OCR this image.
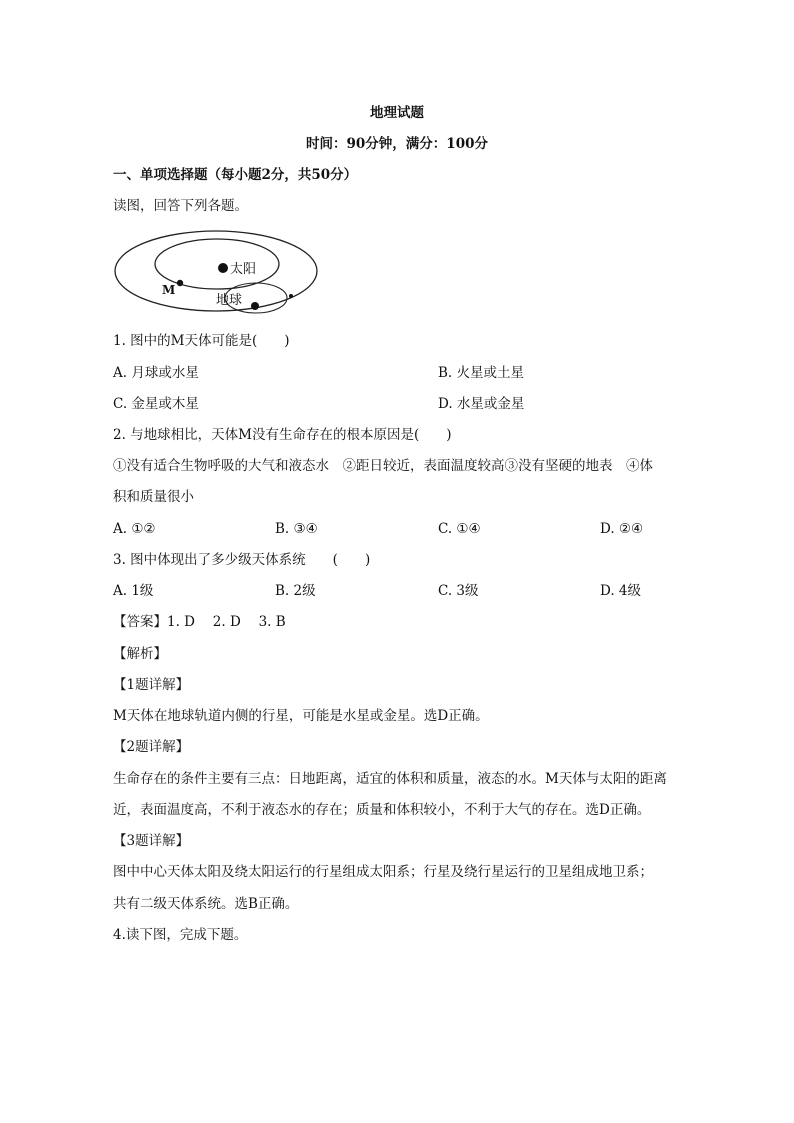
地理试题
时间：90分钟，满分：100分
一、单项选择题（每小题2分，共50分）
读图，回答下列各题。
太阳
M
地球
1. 图中的M天体可能是(　　)
A. 月球或水星	B. 火星或土星
C. 金星或木星	D. 水星或金星
2. 与地球相比，天体M没有生命存在的根本原因是(　　)
①没有适合生物呼吸的大气和液态水　②距日较近，表面温度较高③没有坚硬的地表　④体
积和质量很小
A. ①②	B. ③④	C. ①④	D. ②④
3. 图中体现出了多少级天体系统　　(　　)
A. 1级	B. 2级	C. 3级	D. 4级
【答案】1. D　 2. D　 3. B
【解析】
【1题详解】
M天体在地球轨道内侧的行星，可能是水星或金星。选D正确。
【2题详解】
生命存在的条件主要有三点：日地距离，适宜的体积和质量，液态的水。M天体与太阳的距离
近，表面温度高，不利于液态水的存在；质量和体积较小，不利于大气的存在。选D正确。
【3题详解】
图中中心天体太阳及绕太阳运行的行星组成太阳系；行星及绕行星运行的卫星组成地卫系；
共有二级天体系统。选B正确。
4.读下图，完成下题。
